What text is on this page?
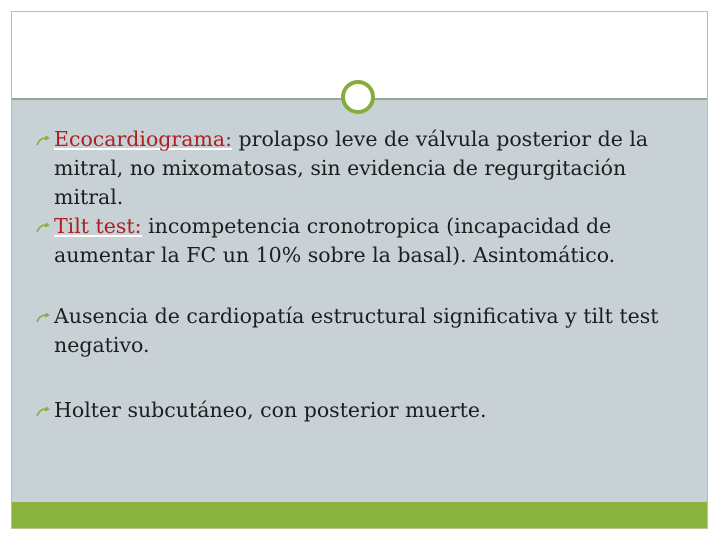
Ecocardiograma: prolapso leve de válvula posterior de la mitral, no mixomatosas, sin evidencia de regurgitación mitral.
Tilt test: incompetencia cronotropica (incapacidad de aumentar la FC un 10% sobre la basal). Asintomático.
Ausencia de cardiopatía estructural significativa y tilt test negativo.
Holter subcutáneo, con posterior muerte.
